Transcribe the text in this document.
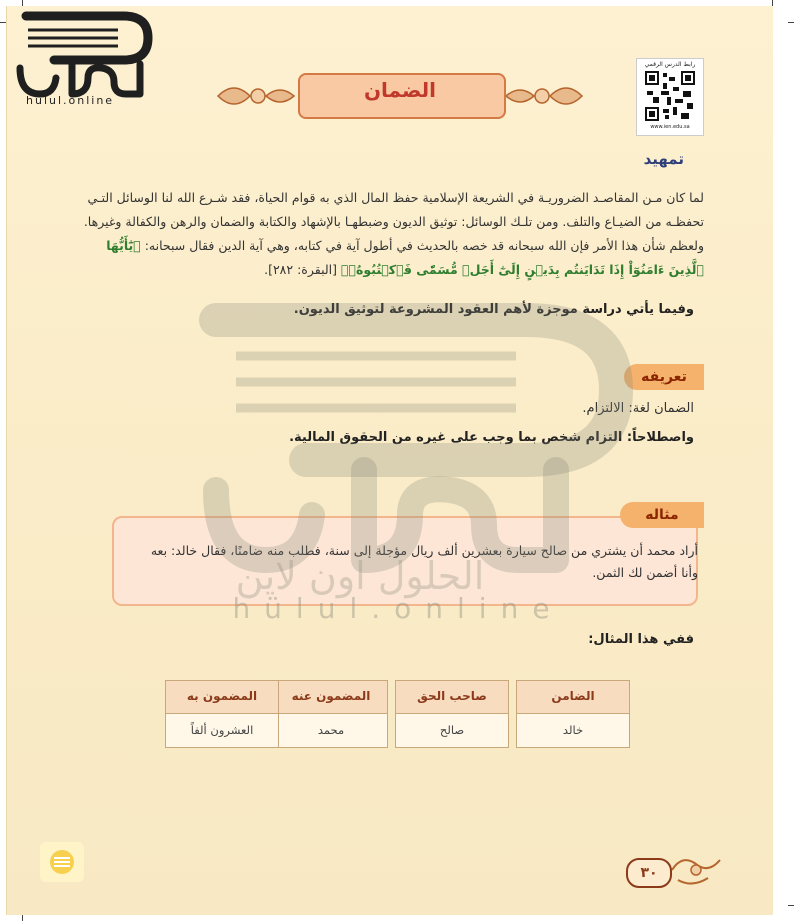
hulul.online	الضمان
رابط الدرس الرقمي
www.ien.edu.sa
تمهيد
لما كان مـن المقاصـد الضروريـة في الشريعة الإسلامية حفظ المال الذي به قوام الحياة، فقد شـرع الله لنا الوسائل التـي تحفظـه من الضيـاع والتلف. ومن تلـك الوسائل: توثيق الديون وضبطهـا بالإشهاد والكتابة والضمان والرهن والكفالة وغيرها. ولعظم شأن هذا الأمر فإن الله سبحانه قد خصه بالحديث في أطول آية في كتابه، وهي آية الدين فقال سبحانه: ﴿يَٰٓأَيُّهَا ٱلَّذِينَ ءَامَنُوٓاْ إِذَا تَدَايَنتُم بِدَيۡنٍ إِلَىٰٓ أَجَلٖ مُّسَمّٗى فَٱكۡتُبُوهُۚ﴾ [البقرة: ٢٨٢].
وفيما يأتي دراسة موجزة لأهم العقود المشروعة لتوثيق الديون.
تعريفه
الضمان لغة: الالتزام.
واصطلاحاً: التزام شخص بما وجب على غيره من الحقوق المالية.
مثاله
أراد محمد أن يشتري من صالح سيارة بعشرين ألف ريال مؤجلة إلى سنة، فطلب منه ضامنًا، فقال خالد: بعه وأنا أضمن لك الثمن.
ففي هذا المثال:
الضامن
خالد
صاحب الحق
صالح
المضمون عنه
محمد
المضمون به
العشرون ألفاً
الحلول اون لاين
hülul.online
٣٠
